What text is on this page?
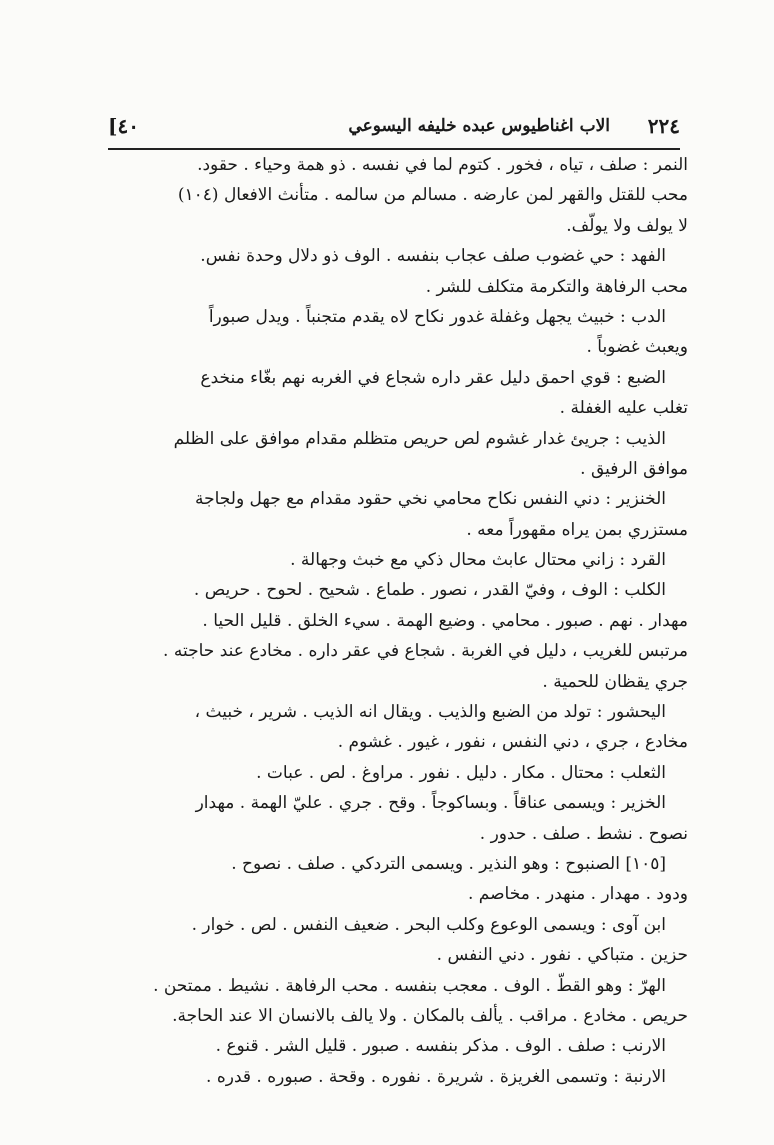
٢٢٤
الاب اغناطيوس عبده خليفه اليسوعي
[٤٠
النمر : صلف ، تياه ، فخور . كتوم لما في نفسه . ذو همة وحياء . حقود.
محب للقتل والقهر لمن عارضه . مسالم من سالمه . متأنث الافعال (١٠٤)
لا يولف ولا يولّف.
الفهد : حي غضوب صلف عجاب بنفسه . الوف ذو دلال وحدة نفس.
محب الرفاهة والتكرمة متكلف للشر .
الدب : خبيث يجهل وغفلة غدور نكاح لاه يقدم متجنباً . ويدل صبوراً
ويعبث غضوباً .
الضبع : قوي احمق دليل عقر داره شجاع في الغربه نهم بغّاء منخدع
تغلب عليه الغفلة .
الذيب : جريئ غدار غشوم لص حريص متظلم مقدام موافق على الظلم
موافق الرفيق .
الخنزير : دني النفس نكاح محامي نخي حقود مقدام مع جهل ولجاجة
مستزري بمن يراه مقهوراً معه .
القرد : زاني محتال عابث محال ذكي مع خبث وجهالة .
الكلب : الوف ، وفيّ القدر ، نصور . طماع . شحيح . لحوح . حريص .
مهدار . نهم . صبور . محامي . وضيع الهمة . سيء الخلق . قليل الحيا .
مرتبس للغريب ، دليل في الغربة . شجاع في عقر داره . مخادع عند حاجته .
جري يقظان للحمية .
اليحشور : تولد من الضبع والذيب . ويقال انه الذيب . شرير ، خبيث ،
مخادع ، جري ، دني النفس ، نفور ، غيور . غشوم .
الثعلب : محتال . مكار . دليل . نفور . مراوغ . لص . عبات .
الخزير : ويسمى عناقاً . وبساكوجاً . وقح . جري . عليّ الهمة . مهدار
نصوح . نشط . صلف . حدور .
[١٠٥] الصنبوح : وهو النذير . ويسمى التردكي . صلف . نصوح .
ودود . مهدار . منهدر . مخاصم .
ابن آوى : ويسمى الوعوع وكلب البحر . ضعيف النفس . لص . خوار .
حزين . متباكي . نفور . دني النفس .
الهرّ : وهو القطّ . الوف . معجب بنفسه . محب الرفاهة . نشيط . ممتحن .
حريص . مخادع . مراقب . يألف بالمكان . ولا يالف بالانسان الا عند الحاجة.
الارنب : صلف . الوف . مذكر بنفسه . صبور . قليل الشر . قنوع .
الارنبة : وتسمى الغريزة . شريرة . نفوره . وقحة . صبوره . قدره .
